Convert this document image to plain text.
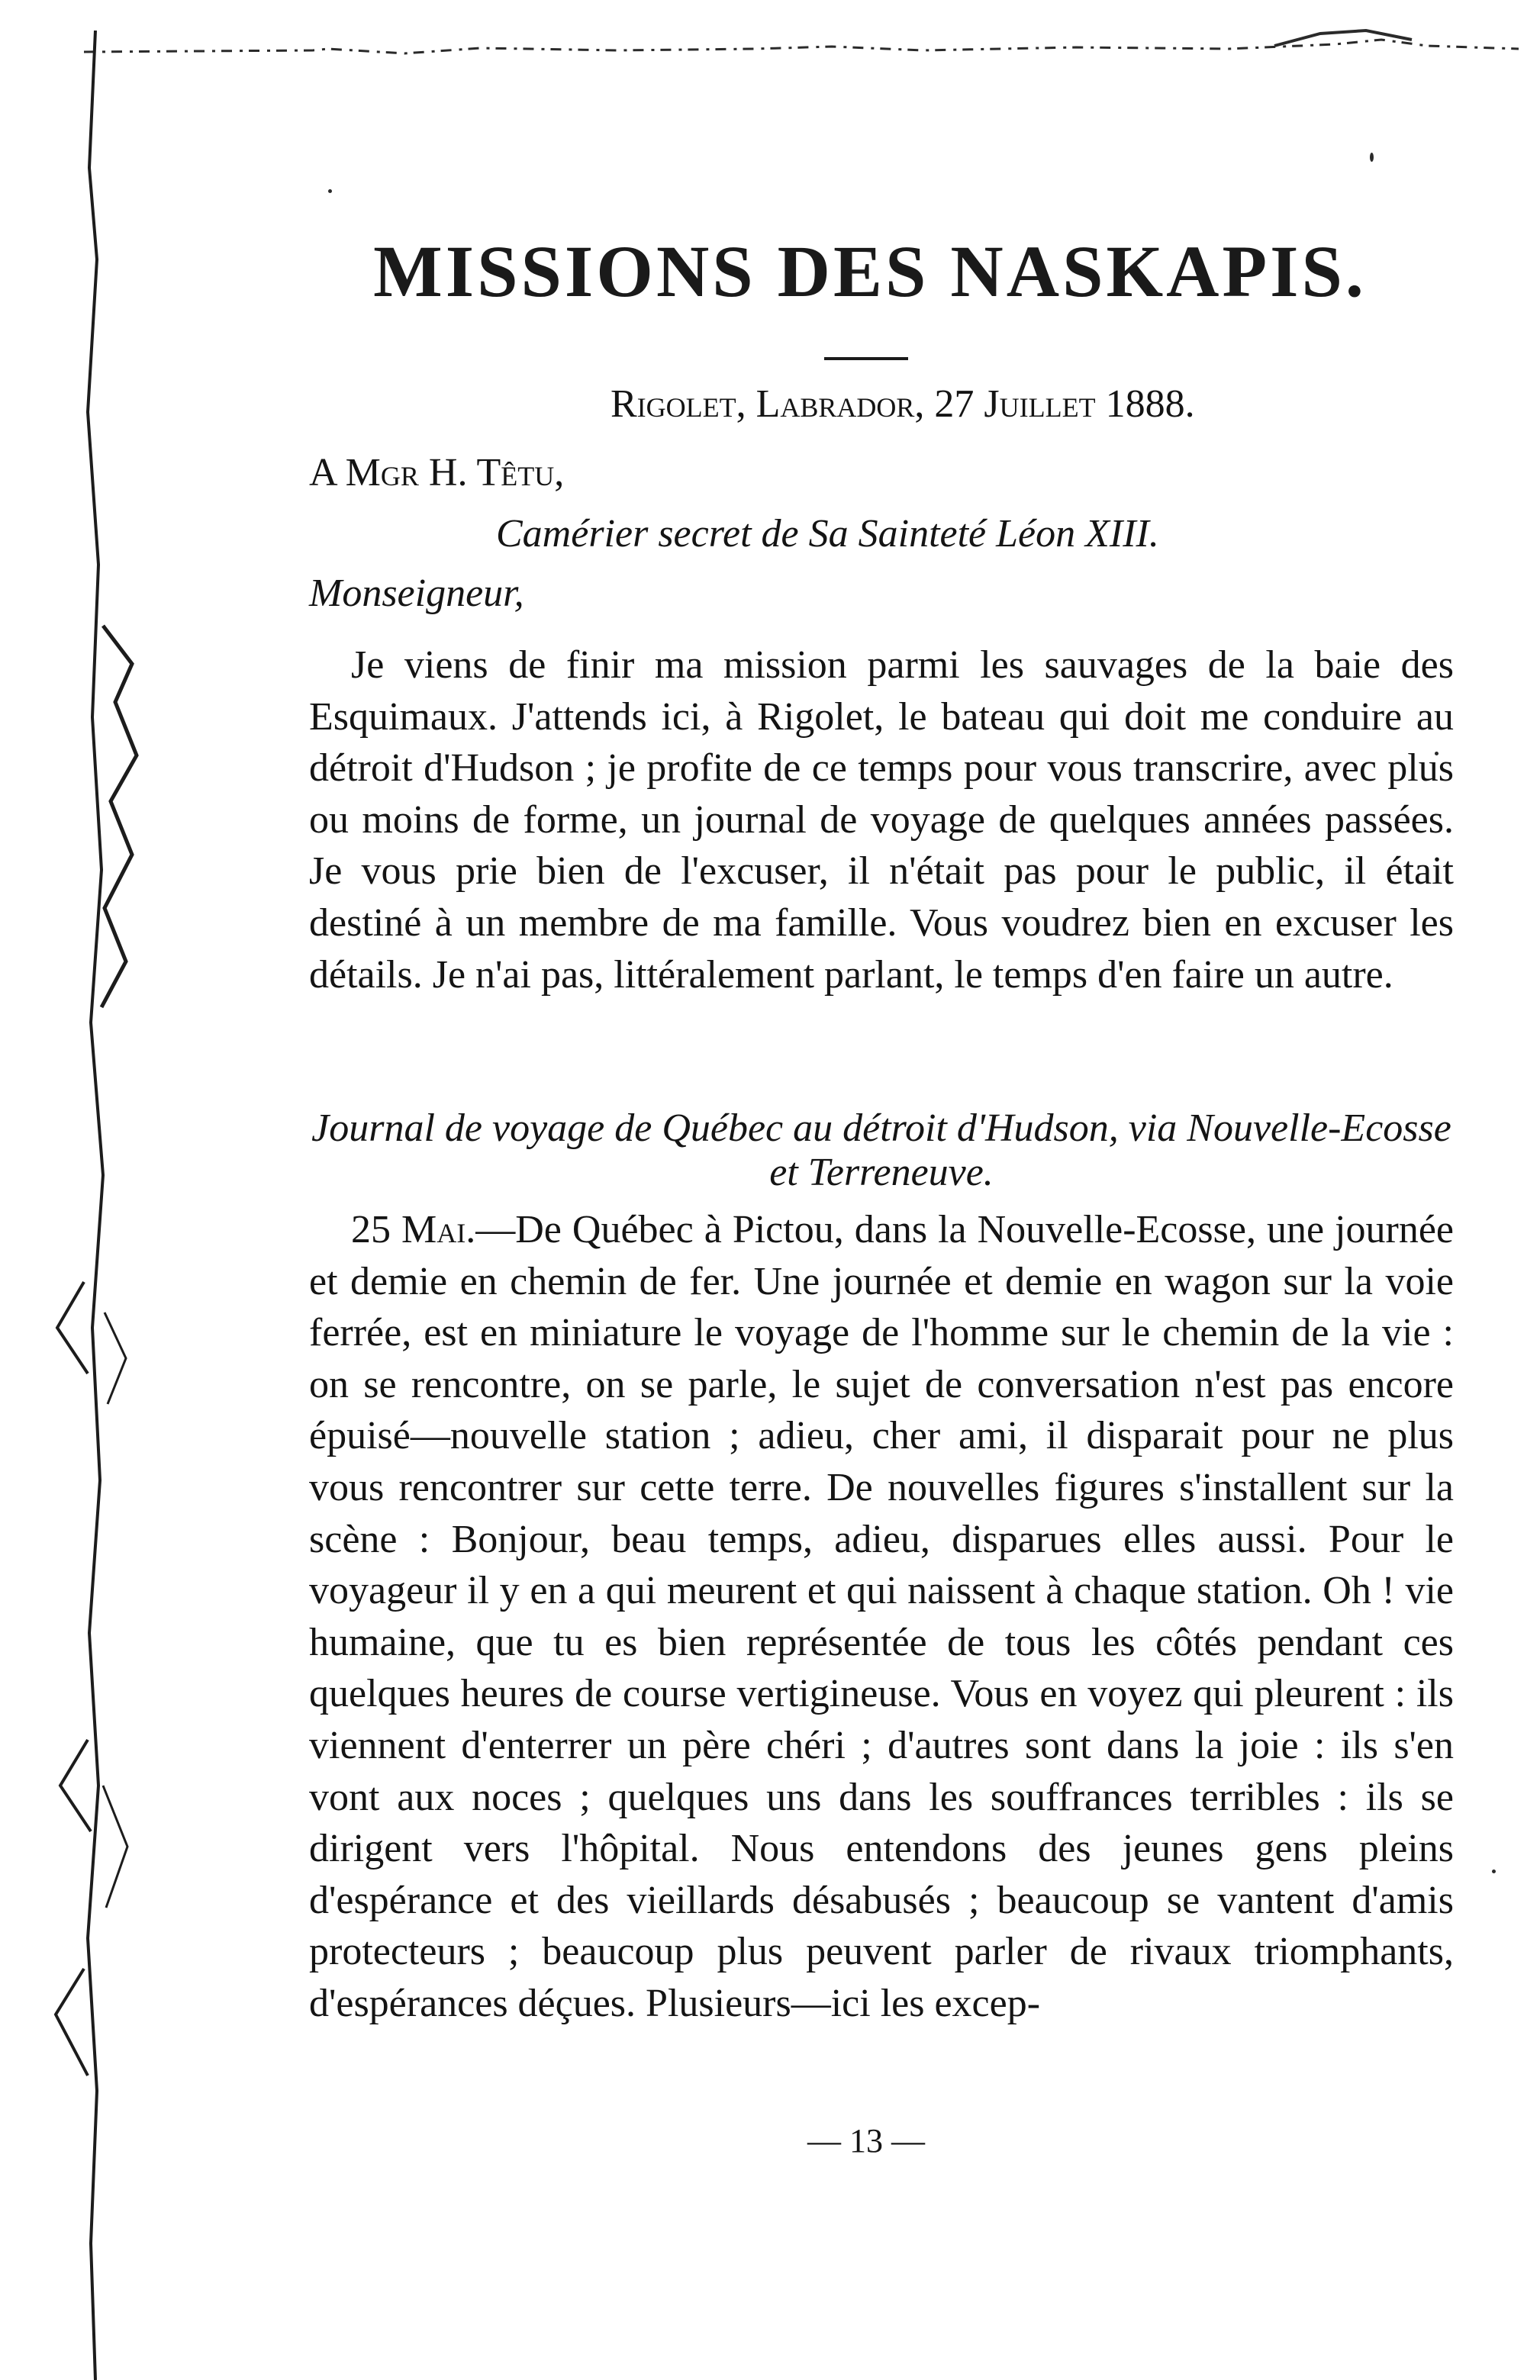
MISSIONS DES NASKAPIS.
Rigolet, Labrador, 27 Juillet 1888.
A Mgr H. Têtu,
Camérier secret de Sa Sainteté Léon XIII.
Monseigneur,

Je viens de finir ma mission parmi les sauvages de la baie des Esquimaux. J'attends ici, à Rigolet, le bateau qui doit me conduire au détroit d'Hudson ; je profite de ce temps pour vous transcrire, avec plus ou moins de forme, un journal de voyage de quelques années passées. Je vous prie bien de l'excuser, il n'était pas pour le public, il était destiné à un membre de ma famille. Vous voudrez bien en excuser les détails. Je n'ai pas, littéralement parlant, le temps d'en faire un autre.

Journal de voyage de Québec au détroit d'Hudson, via Nouvelle-Ecosse et Terreneuve.

25 Mai.—De Québec à Pictou, dans la Nouvelle-Ecosse, une journée et demie en chemin de fer. Une journée et demie en wagon sur la voie ferrée, est en miniature le voyage de l'homme sur le chemin de la vie : on se rencontre, on se parle, le sujet de conversation n'est pas encore épuisé—nouvelle station ; adieu, cher ami, il disparait pour ne plus vous rencontrer sur cette terre. De nouvelles figures s'installent sur la scène : Bonjour, beau temps, adieu, disparues elles aussi. Pour le voyageur il y en a qui meurent et qui naissent à chaque station. Oh ! vie humaine, que tu es bien représentée de tous les côtés pendant ces quelques heures de course vertigineuse. Vous en voyez qui pleurent : ils viennent d'enterrer un père chéri ; d'autres sont dans la joie : ils s'en vont aux noces ; quelques uns dans les souffrances terribles : ils se dirigent vers l'hôpital. Nous entendons des jeunes gens pleins d'espérance et des vieillards désabusés ; beaucoup se vantent d'amis protecteurs ; beaucoup plus peuvent parler de rivaux triomphants, d'espérances déçues. Plusieurs—ici les excep-

— 13 —
